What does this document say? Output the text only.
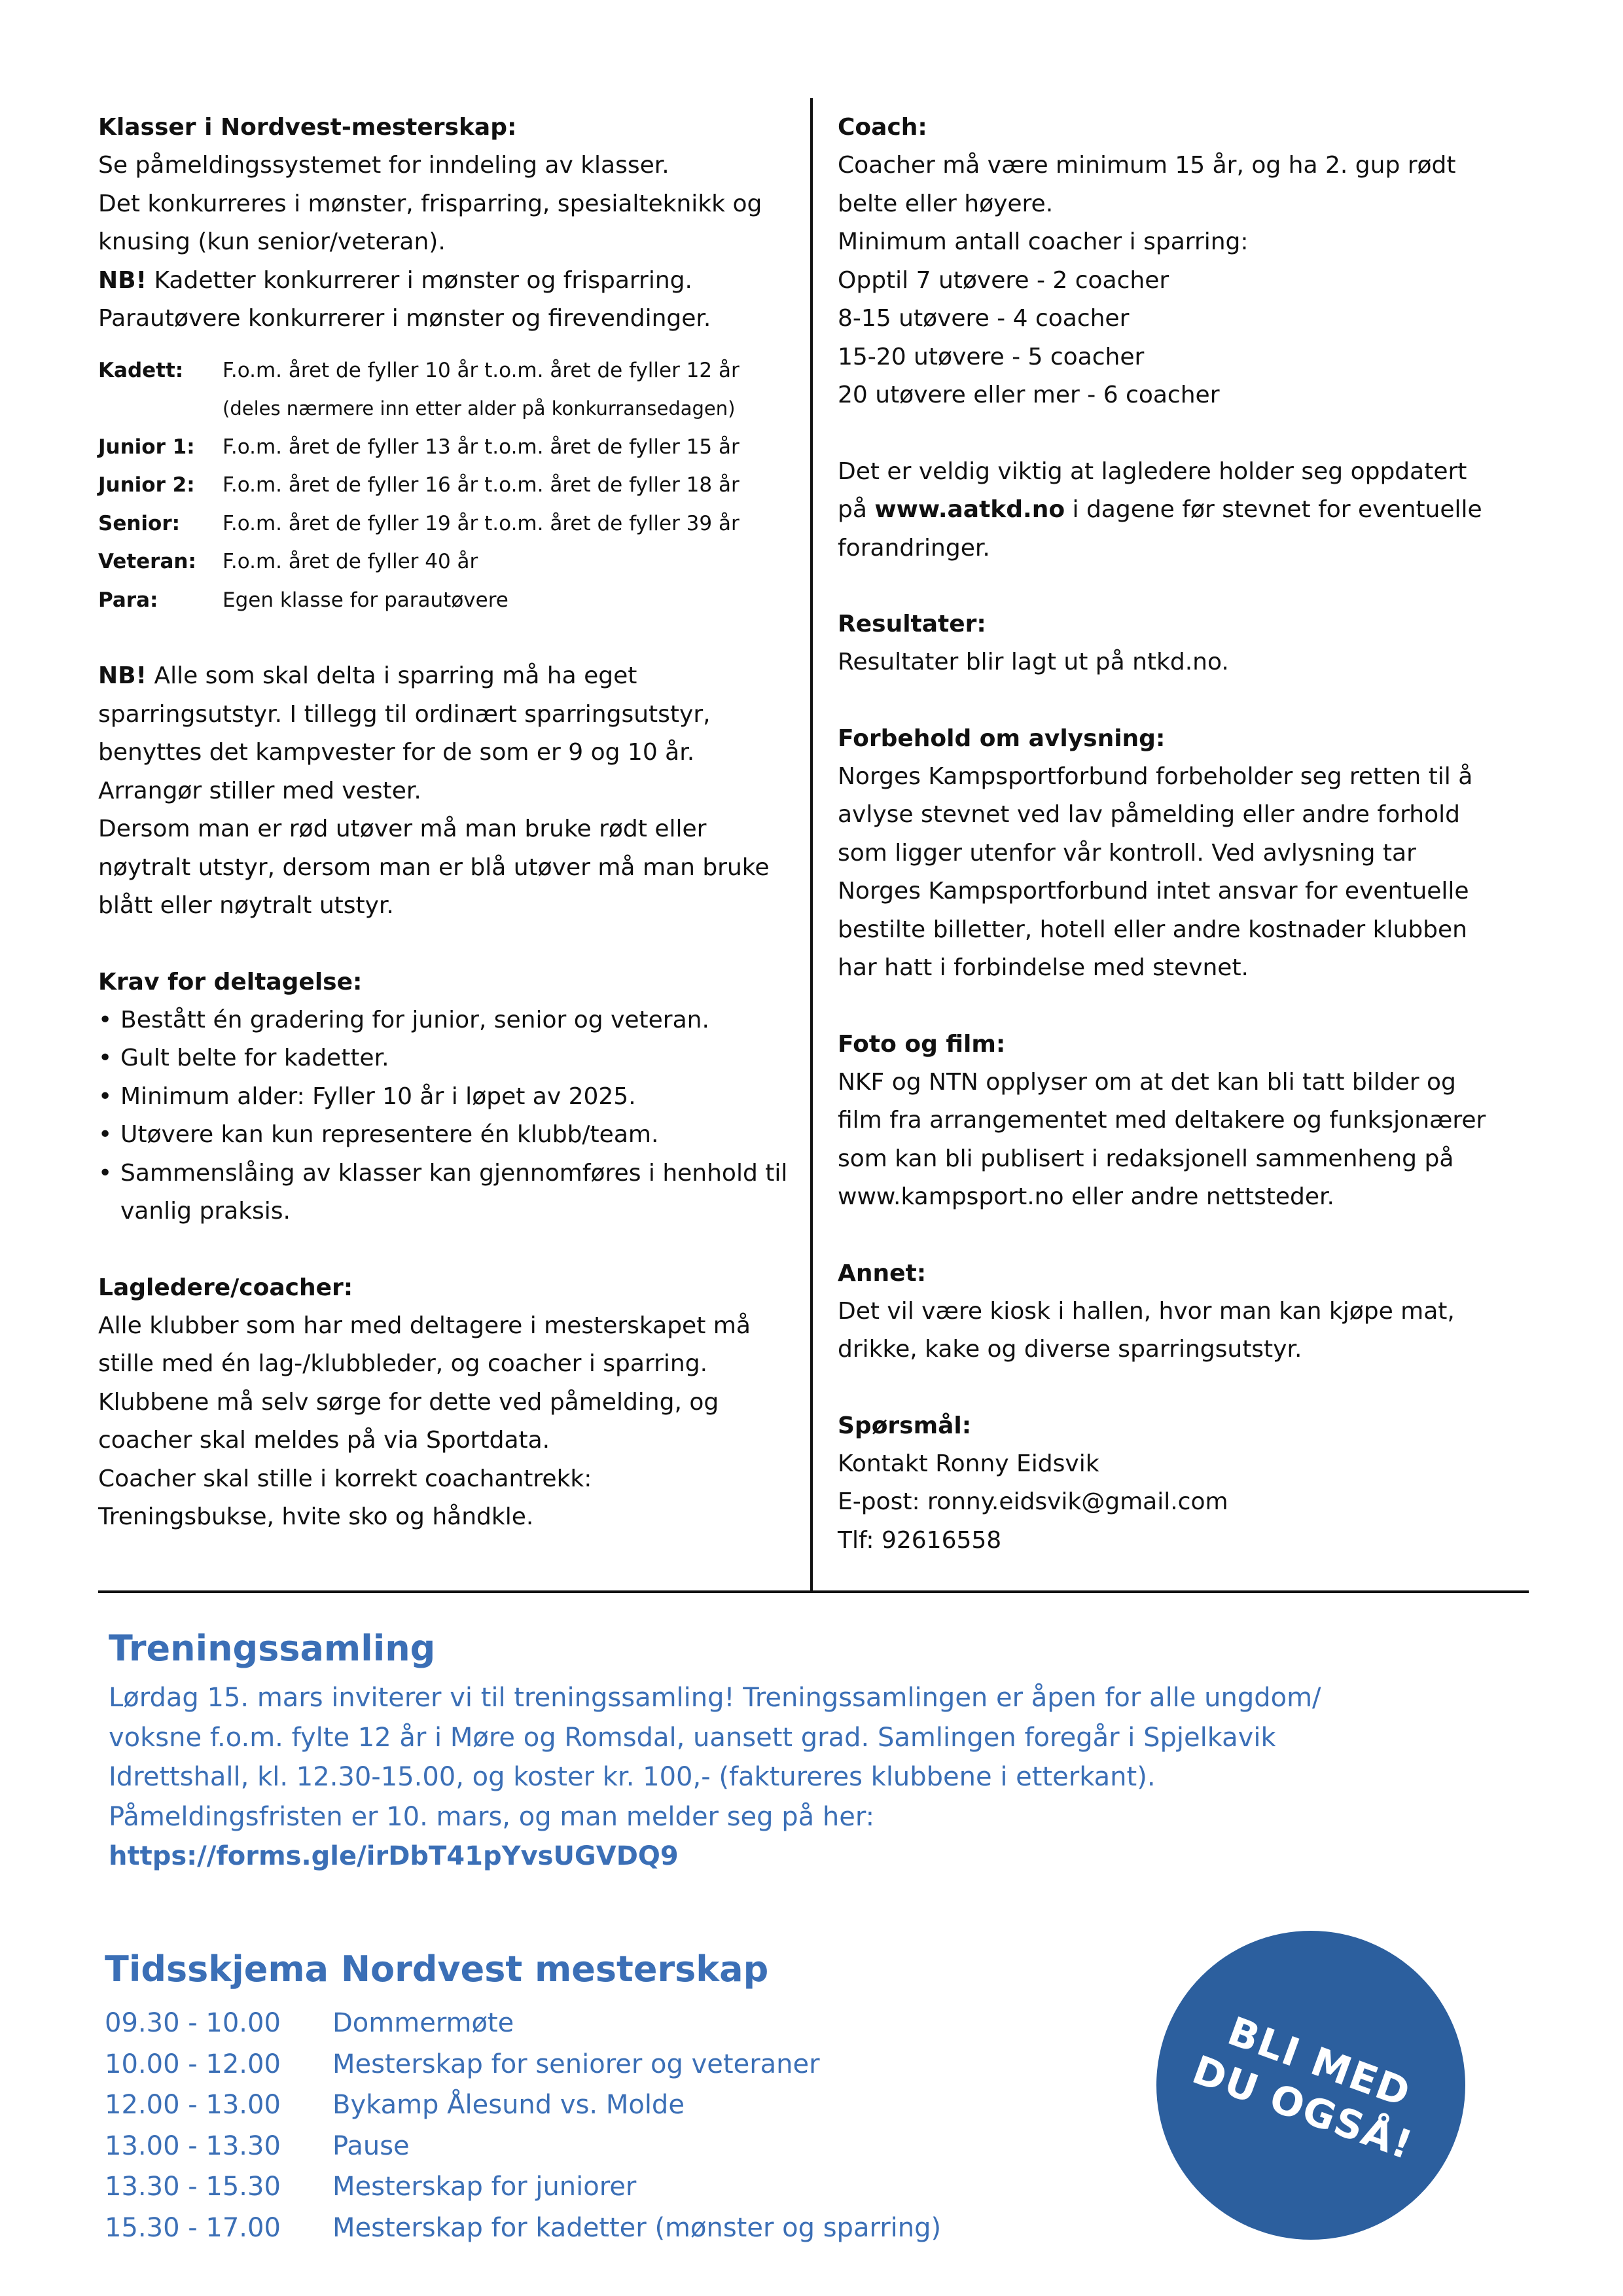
Klasser i Nordvest-mesterskap:
Se påmeldingssystemet for inndeling av klasser.
Det konkurreres i mønster, frisparring, spesialteknikk og
knusing (kun senior/veteran).
NB! Kadetter konkurrerer i mønster og frisparring.
Parautøvere konkurrerer i mønster og firevendinger.
Kadett:	F.o.m. året de fyller 10 år t.o.m. året de fyller 12 år
(deles nærmere inn etter alder på konkurransedagen)
Junior 1:	F.o.m. året de fyller 13 år t.o.m. året de fyller 15 år
Junior 2:	F.o.m. året de fyller 16 år t.o.m. året de fyller 18 år
Senior:	F.o.m. året de fyller 19 år t.o.m. året de fyller 39 år
Veteran:	F.o.m. året de fyller 40 år
Para:	Egen klasse for parautøvere
NB! Alle som skal delta i sparring må ha eget
sparringsutstyr. I tillegg til ordinært sparringsutstyr,
benyttes det kampvester for de som er 9 og 10 år.
Arrangør stiller med vester.
Dersom man er rød utøver må man bruke rødt eller
nøytralt utstyr, dersom man er blå utøver må man bruke
blått eller nøytralt utstyr.
Krav for deltagelse:
• Bestått én gradering for junior, senior og veteran.
• Gult belte for kadetter.
• Minimum alder: Fyller 10 år i løpet av 2025.
• Utøvere kan kun representere én klubb/team.
• Sammenslåing av klasser kan gjennomføres i henhold til vanlig praksis.
Lagledere/coacher:
Alle klubber som har med deltagere i mesterskapet må
stille med én lag-/klubbleder, og coacher i sparring.
Klubbene må selv sørge for dette ved påmelding, og
coacher skal meldes på via Sportdata.
Coacher skal stille i korrekt coachantrekk:
Treningsbukse, hvite sko og håndkle.
Coach:
Coacher må være minimum 15 år, og ha 2. gup rødt
belte eller høyere.
Minimum antall coacher i sparring:
Opptil 7 utøvere - 2 coacher
8-15 utøvere - 4 coacher
15-20 utøvere - 5 coacher
20 utøvere eller mer - 6 coacher
Det er veldig viktig at lagledere holder seg oppdatert
på www.aatkd.no i dagene før stevnet for eventuelle
forandringer.
Resultater:
Resultater blir lagt ut på ntkd.no.
Forbehold om avlysning:
Norges Kampsportforbund forbeholder seg retten til å
avlyse stevnet ved lav påmelding eller andre forhold
som ligger utenfor vår kontroll. Ved avlysning tar
Norges Kampsportforbund intet ansvar for eventuelle
bestilte billetter, hotell eller andre kostnader klubben
har hatt i forbindelse med stevnet.
Foto og film:
NKF og NTN opplyser om at det kan bli tatt bilder og
film fra arrangementet med deltakere og funksjonærer
som kan bli publisert i redaksjonell sammenheng på
www.kampsport.no eller andre nettsteder.
Annet:
Det vil være kiosk i hallen, hvor man kan kjøpe mat,
drikke, kake og diverse sparringsutstyr.
Spørsmål:
Kontakt Ronny Eidsvik
E-post: ronny.eidsvik@gmail.com
Tlf: 92616558
Treningssamling
Lørdag 15. mars inviterer vi til treningssamling! Treningssamlingen er åpen for alle ungdom/
voksne f.o.m. fylte 12 år i Møre og Romsdal, uansett grad. Samlingen foregår i Spjelkavik
Idrettshall, kl. 12.30-15.00, og koster kr. 100,- (faktureres klubbene i etterkant).
Påmeldingsfristen er 10. mars, og man melder seg på her:
https://forms.gle/irDbT41pYvsUGVDQ9
Tidsskjema Nordvest mesterskap
09.30 - 10.00	Dommermøte
10.00 - 12.00	Mesterskap for seniorer og veteraner
12.00 - 13.00	Bykamp Ålesund vs. Molde
13.00 - 13.30	Pause
13.30 - 15.30	Mesterskap for juniorer
15.30 - 17.00	Mesterskap for kadetter (mønster og sparring)
BLI MED
DU OGSÅ!
